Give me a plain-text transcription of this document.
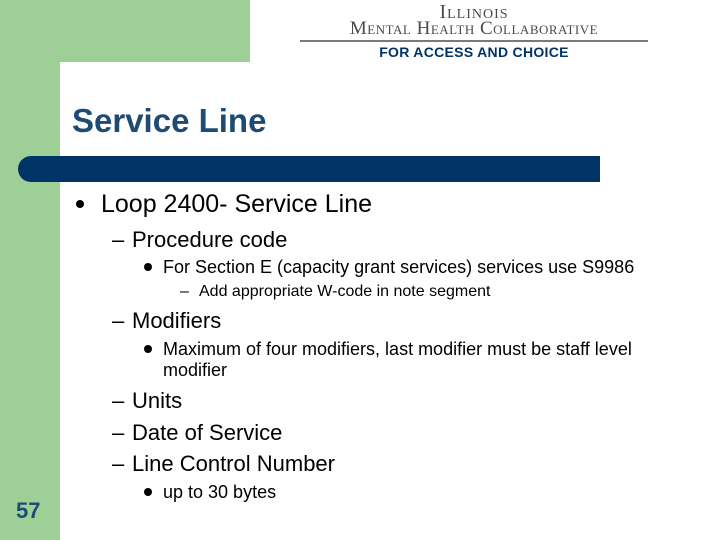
Illinois
Mental Health Collaborative
FOR ACCESS AND CHOICE
Service Line
Loop 2400- Service Line
– Procedure code
For Section E (capacity grant services) services use S9986
– Add appropriate W-code in note segment
– Modifiers
Maximum of four modifiers, last modifier must be staff level
modifier
– Units
– Date of Service
– Line Control Number
up to 30 bytes
57
